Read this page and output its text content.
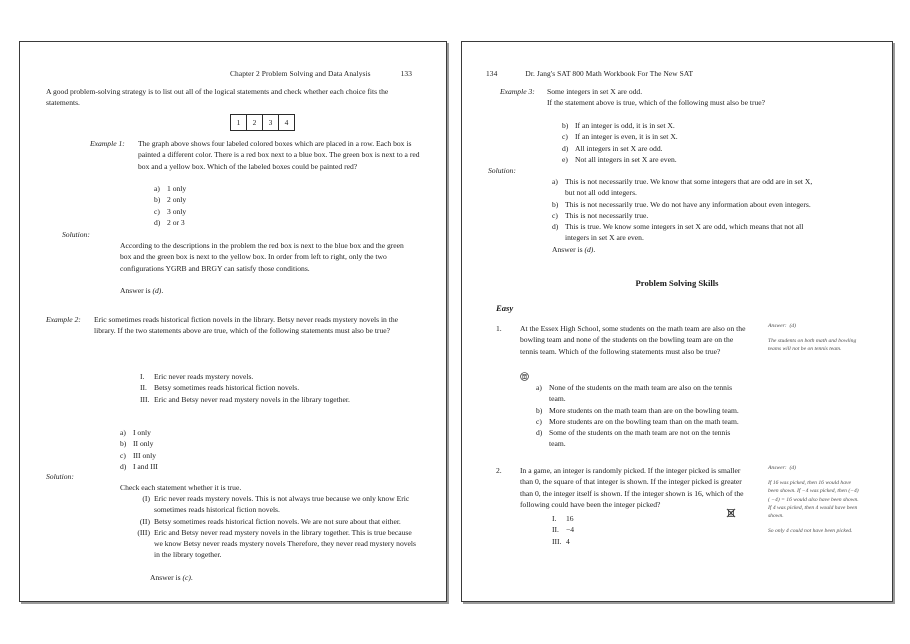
Chapter 2 Problem Solving and Data Analysis	133
A good problem-solving strategy is to list out all of the logical statements and check whether each choice fits the statements.
1	2	3	4
Example 1: The graph above shows four labeled colored boxes which are placed in a row. Each box is painted a different color. There is a red box next to a blue box. The green box is next to a red box and a yellow box. Which of the labeled boxes could be painted red?
a) 1 only
b) 2 only
c) 3 only
d) 2 or 3
Solution:
According to the descriptions in the problem the red box is next to the blue box and the green box and the green box is next to the yellow box. In order from left to right, only the two configurations YGRB and BRGY can satisfy those conditions.
Answer is (d).
Example 2: Eric sometimes reads historical fiction novels in the library. Betsy never reads mystery novels in the library. If the two statements above are true, which of the following statements must also be true?
I.	Eric never reads mystery novels.
II. Betsy sometimes reads historical fiction novels.
III. Eric and Betsy never read mystery novels in the library together.
a) I only
b) II only
c) III only
d) I and III
Solution:
Check each statement whether it is true.
(I) Eric never reads mystery novels. This is not always true because we only know Eric sometimes reads historical fiction novels.
(II) Betsy sometimes reads historical fiction novels. We are not sure about that either.
(III) Eric and Betsy never read mystery novels in the library together. This is true because we know Betsy never reads mystery novels Therefore, they never read mystery novels in the library together.
Answer is (c).
134	Dr. Jang's SAT 800 Math Workbook For The New SAT
Example 3: Some integers in set X are odd.
If the statement above is true, which of the following must also be true?
b) If an integer is odd, it is in set X.
c) If an integer is even, it is in set X.
d) All integers in set X are odd.
e) Not all integers in set X are even.
Solution:
a) This is not necessarily true. We know that some integers that are odd are in set X, but not all odd integers.
b) This is not necessarily true. We do not have any information about even integers.
c) This is not necessarily true.
d) This is true. We know some integers in set X are odd, which means that not all integers in set X are even.
Answer is (d).
Problem Solving Skills
Easy
1. At the Essex High School, some students on the math team are also on the bowling team and none of the students on the bowling team are on the tennis team. Which of the following statements must also be true?
a) None of the students on the math team are also on the tennis team.
b) More students on the math team than are on the bowling team.
c) More students are on the bowling team than on the math team.
d) Some of the students on the math team are not on the tennis team.
Answer: (d)
The students on both math and bowling teams will not be on tennis team.
2. In a game, an integer is randomly picked. If the integer picked is smaller than 0, the square of that integer is shown. If the integer picked is greater than 0, the integer itself is shown. If the integer shown is 16, which of the following could have been the integer picked?
I.	16
II. −4
III. 4
Answer: (d)
If 16 was picked, then 16 would have been shown. If −4 was picked, then (−4)( −4) = 16 would also have been shown. If 4 was picked, then 4 would have been shown.
So only 4 could not have been picked.
